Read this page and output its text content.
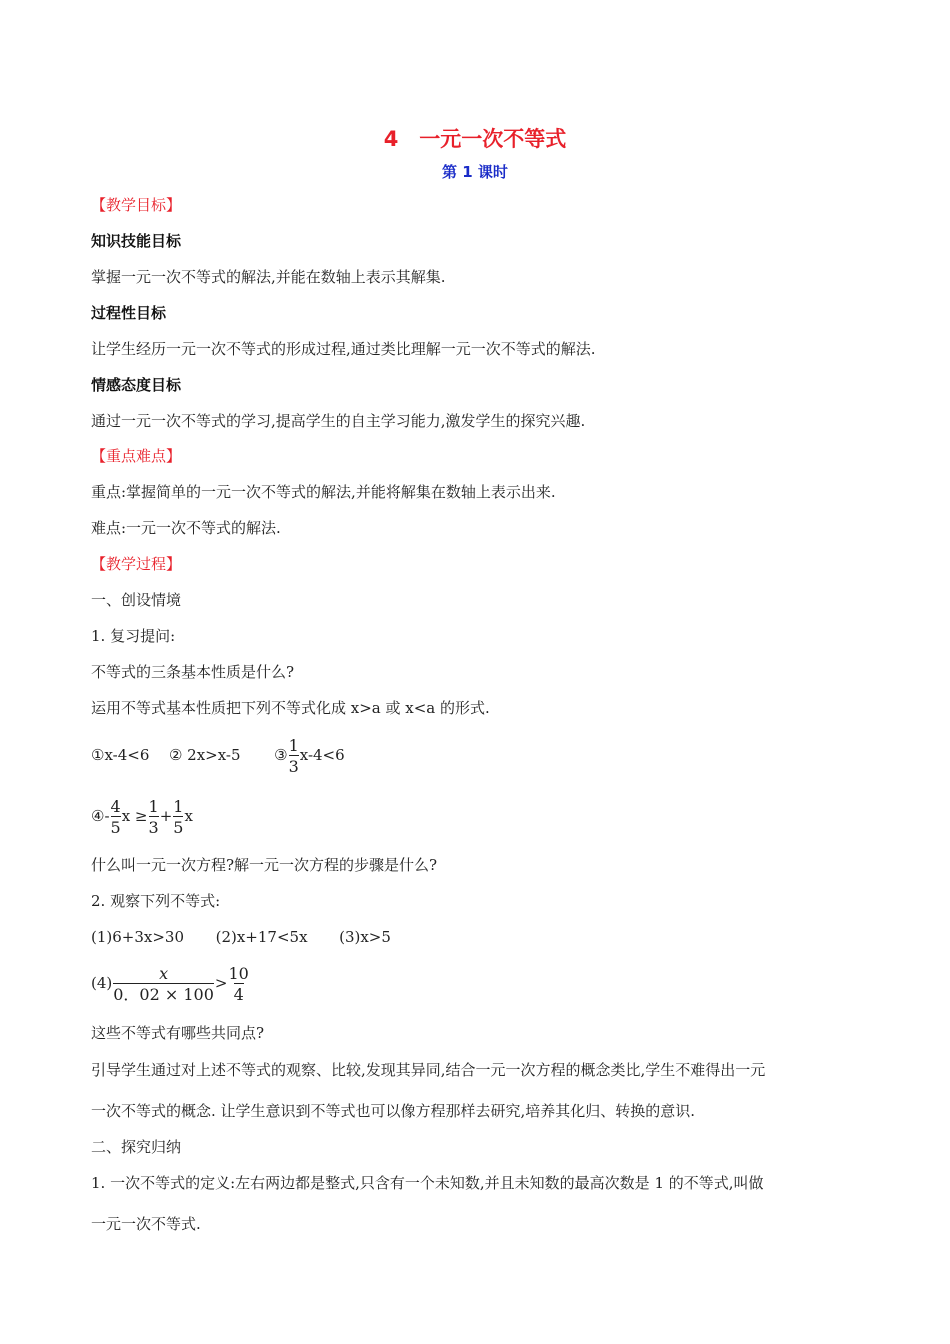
4　一元一次不等式
第 1 课时
【教学目标】
知识技能目标
掌握一元一次不等式的解法,并能在数轴上表示其解集.
过程性目标
让学生经历一元一次不等式的形成过程,通过类比理解一元一次不等式的解法.
情感态度目标
通过一元一次不等式的学习,提高学生的自主学习能力,激发学生的探究兴趣.
【重点难点】
重点:掌握简单的一元一次不等式的解法,并能将解集在数轴上表示出来.
难点:一元一次不等式的解法.
【教学过程】
一、创设情境
1. 复习提问:
不等式的三条基本性质是什么?
运用不等式基本性质把下列不等式化成 x>a 或 x<a 的形式.
①x-4<6 ② 2x>x-5 ③ $\frac{1}{3} x-4<6$
④- $\frac{4}{5}$ $x \ge \frac{1}{3} + \frac{1}{5}$ x
什么叫一元一次方程?解一元一次方程的步骤是什么?
2. 观察下列不等式:
(1)6+3x>30 (2)x+17<5x (3)x>5
$(4) \frac{x}{0.02 \times 100} > \frac{10}{4}$
这些不等式有哪些共同点?
引导学生通过对上述不等式的观察、比较,发现其异同,结合一元一次方程的概念类比,学生不难得出一元
一次不等式的概念. 让学生意识到不等式也可以像方程那样去研究,培养其化归、转换的意识.
二、探究归纳
1. 一次不等式的定义:左右两边都是整式,只含有一个未知数,并且未知数的最高次数是 1 的不等式,叫做
一元一次不等式.
